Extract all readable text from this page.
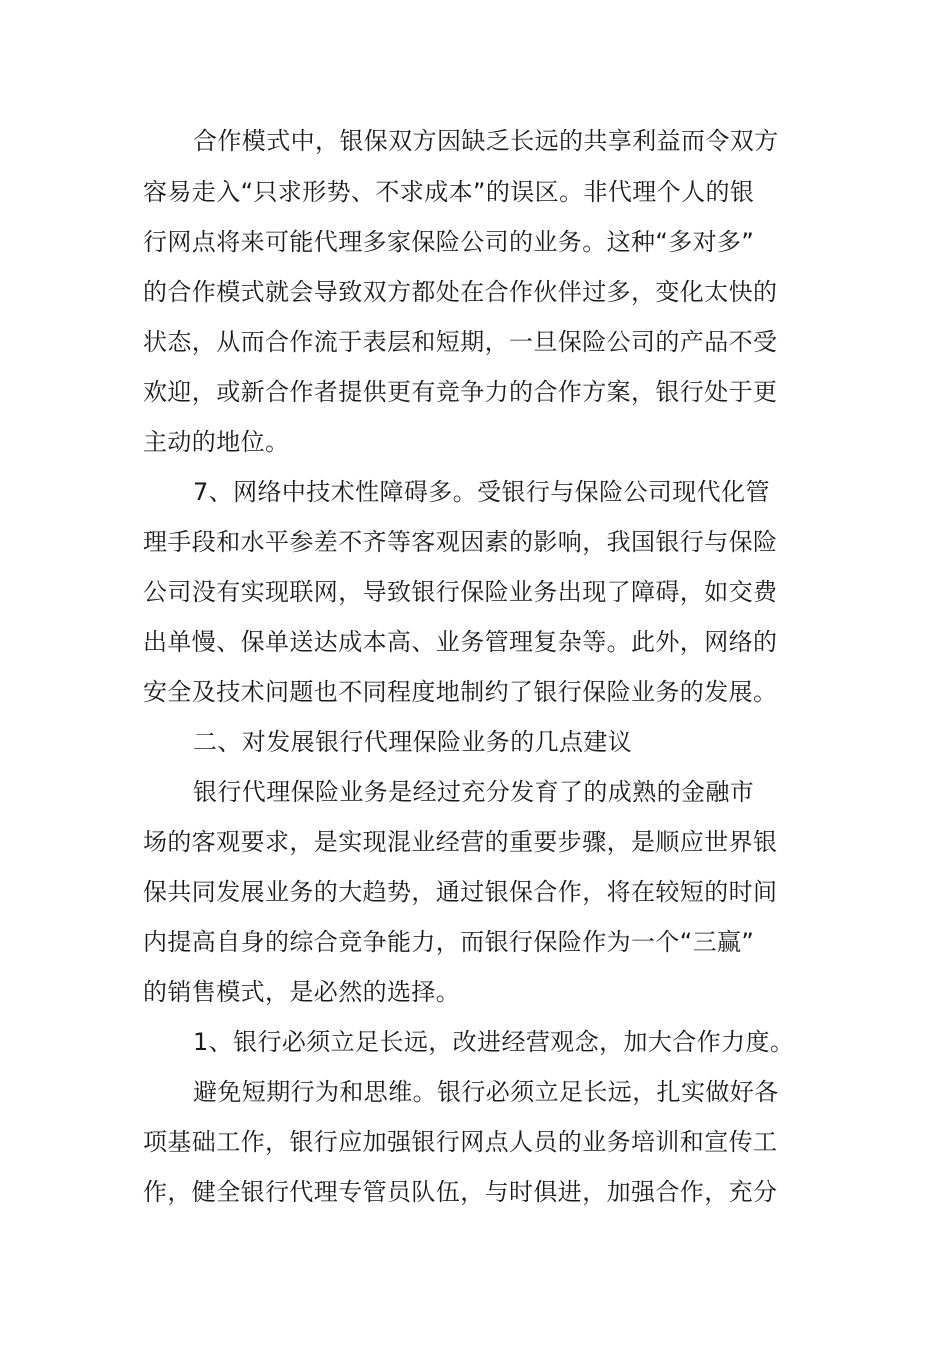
合作模式中，银保双方因缺乏长远的共享利益而令双方

容易走入“只求形势、不求成本”的误区。非代理个人的银

行网点将来可能代理多家保险公司的业务。这种“多对多”

的合作模式就会导致双方都处在合作伙伴过多，变化太快的

状态，从而合作流于表层和短期，一旦保险公司的产品不受

欢迎，或新合作者提供更有竞争力的合作方案，银行处于更

主动的地位。

7、网络中技术性障碍多。受银行与保险公司现代化管

理手段和水平参差不齐等客观因素的影响，我国银行与保险

公司没有实现联网，导致银行保险业务出现了障碍，如交费

出单慢、保单送达成本高、业务管理复杂等。此外，网络的

安全及技术问题也不同程度地制约了银行保险业务的发展。

二、对发展银行代理保险业务的几点建议

银行代理保险业务是经过充分发育了的成熟的金融市

场的客观要求，是实现混业经营的重要步骤，是顺应世界银

保共同发展业务的大趋势，通过银保合作，将在较短的时间

内提高自身的综合竞争能力，而银行保险作为一个“三赢”

的销售模式，是必然的选择。

1、银行必须立足长远，改进经营观念，加大合作力度。

避免短期行为和思维。银行必须立足长远，扎实做好各

项基础工作，银行应加强银行网点人员的业务培训和宣传工

作，健全银行代理专管员队伍，与时俱进，加强合作，充分
